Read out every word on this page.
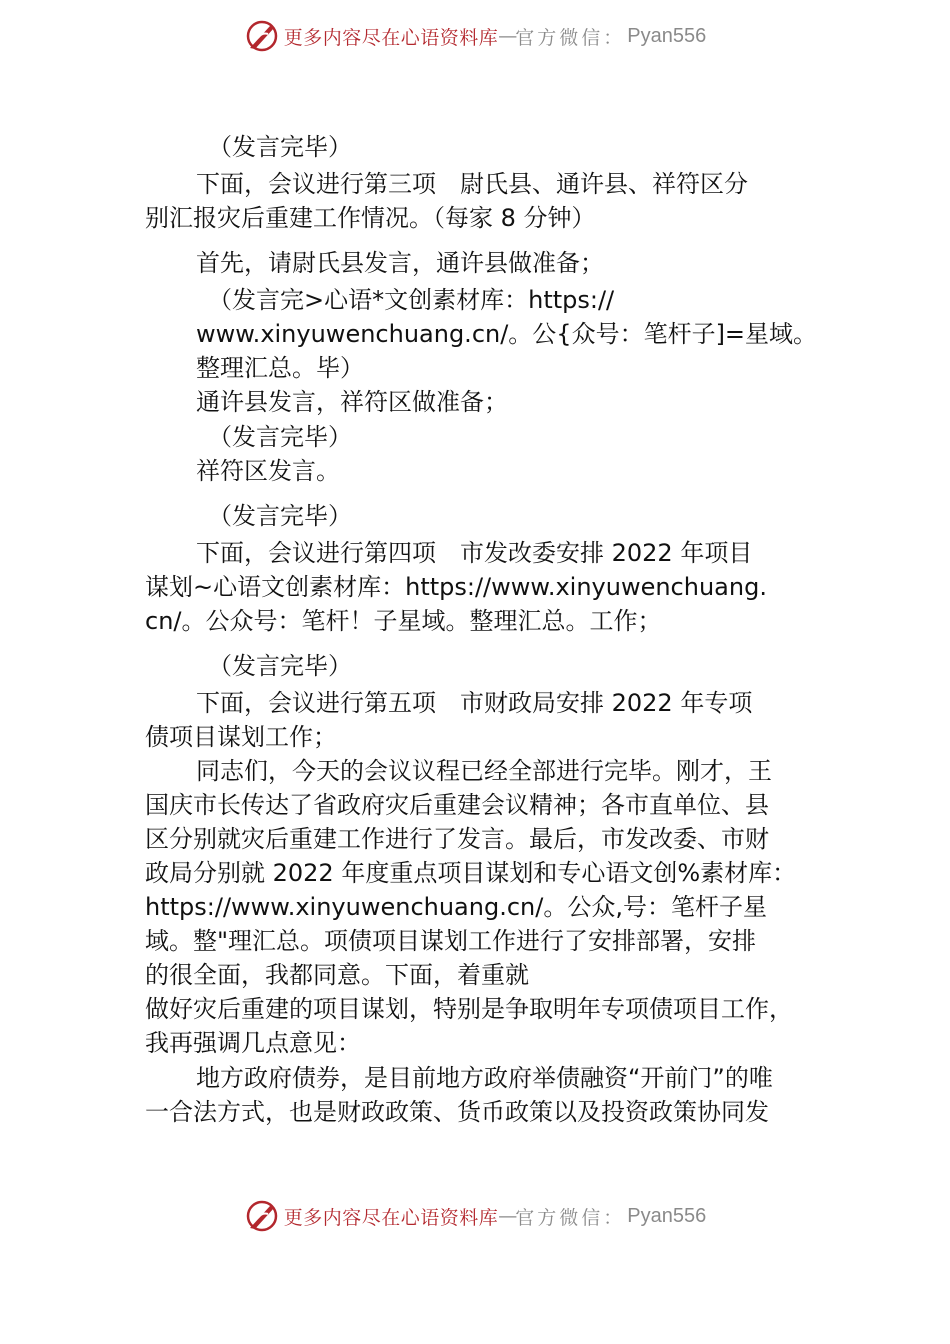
更多内容尽在心语资料库 — 官方微信： Pyan556
（发言完毕）
下面，会议进行第三项　尉氏县、通许县、祥符区分
别汇报灾后重建工作情况。（每家 8 分钟）
首先，请尉氏县发言，通许县做准备；
（发言完>心语*文创素材库：https://
www.xinyuwenchuang.cn/。公{众号：笔杆子]=星域。
整理汇总。毕）
通许县发言，祥符区做准备；
（发言完毕）
祥符区发言。
（发言完毕）
下面，会议进行第四项　市发改委安排 2022 年项目
谋划~心语文创素材库：https://www.xinyuwenchuang.
cn/。公众号：笔杆！子星域。整理汇总。工作；
（发言完毕）
下面，会议进行第五项　市财政局安排 2022 年专项
债项目谋划工作；
同志们，今天的会议议程已经全部进行完毕。刚才，王
国庆市长传达了省政府灾后重建会议精神；各市直单位、县
区分别就灾后重建工作进行了发言。最后，市发改委、市财
政局分别就 2022 年度重点项目谋划和专心语文创%素材库：
https://www.xinyuwenchuang.cn/。公众,号：笔杆子星
域。整"理汇总。项债项目谋划工作进行了安排部署，安排
的很全面，我都同意。下面，着重就
做好灾后重建的项目谋划，特别是争取明年专项债项目工作，
我再强调几点意见：
地方政府债券，是目前地方政府举债融资“开前门”的唯
一合法方式，也是财政政策、货币政策以及投资政策协同发
更多内容尽在心语资料库 — 官方微信： Pyan556
